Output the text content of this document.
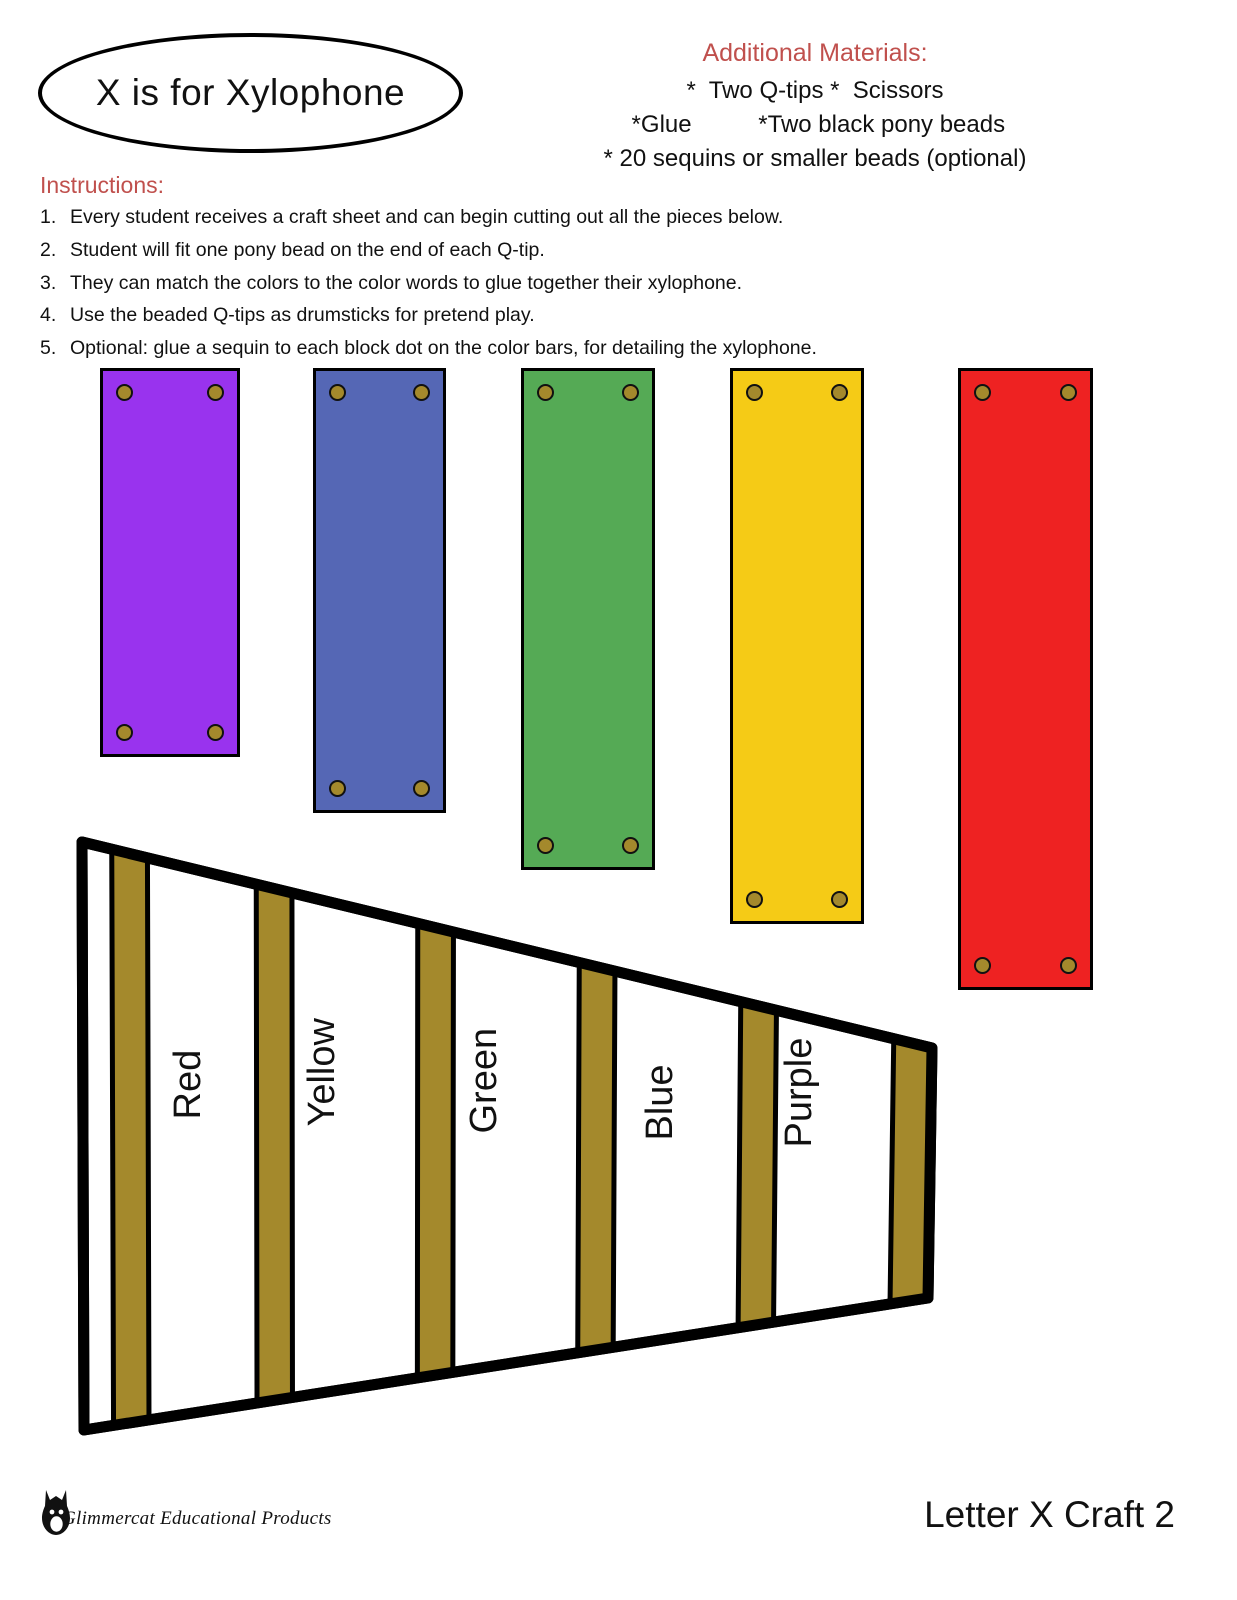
X is for Xylophone
Additional Materials:
*  Two Q-tips *  Scissors
*Glue          *Two black pony beads
* 20 sequins or smaller beads (optional)
Instructions:
1. Every student receives a craft sheet and can begin cutting out all the pieces below.
2. Student will fit one pony bead on the end of each Q-tip.
3. They can match the colors to the color words to glue together their xylophone.
4. Use the beaded Q-tips as drumsticks for pretend play.
5. Optional: glue a sequin to each block dot on the color bars, for detailing the xylophone.
Red Yellow	Green	Blue	Purple
Glimmercat Educational Products	Letter X Craft 2
